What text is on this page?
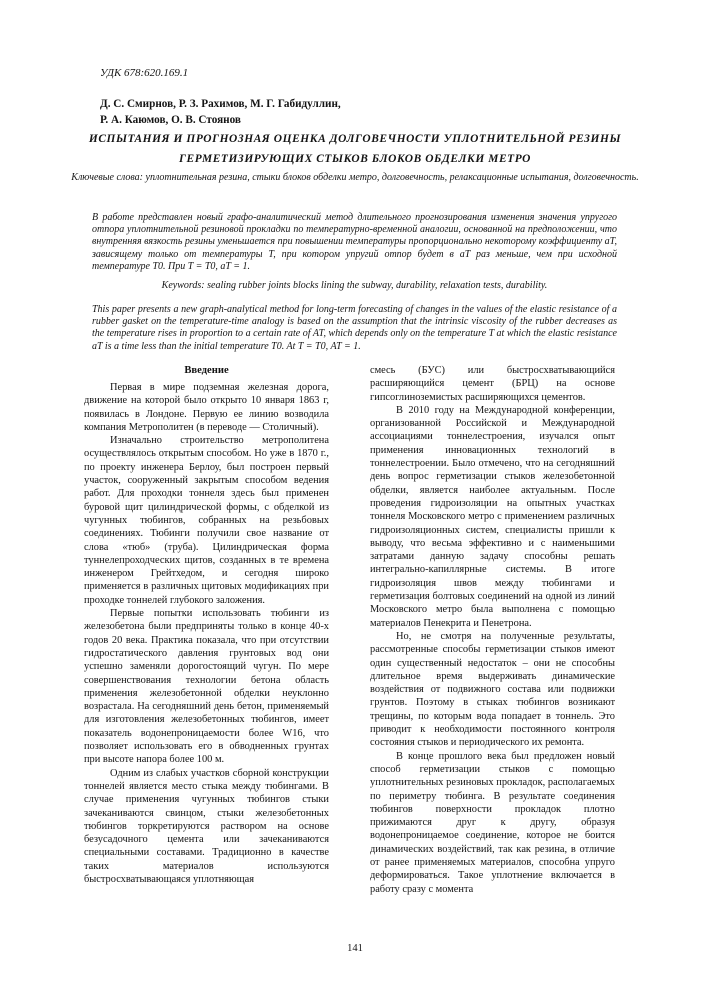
УДК 678:620.169.1
Д. С. Смирнов, Р. З. Рахимов, М. Г. Габидуллин,
Р. А. Каюмов, О. В. Стоянов
ИСПЫТАНИЯ И ПРОГНОЗНАЯ ОЦЕНКА ДОЛГОВЕЧНОСТИ УПЛОТНИТЕЛЬНОЙ РЕЗИНЫ ГЕРМЕТИЗИРУЮЩИХ СТЫКОВ БЛОКОВ ОБДЕЛКИ МЕТРО
Ключевые слова: уплотнительная резина, стыки блоков обделки метро, долговечность, релаксационные испытания, долговечность.
В работе представлен новый графо-аналитический метод длительного прогнозирования изменения значения упругого отпора уплотнительной резиновой прокладки по температурно-временной аналогии, основанной на предположении, что внутренняя вязкость резины уменьшается при повышении температуры пропорционально некоторому коэффициенту aT, зависящему только от температуры T, при котором упругий отпор будет в aT раз меньше, чем при исходной температуре T0. При T = T0, aT = 1.
Keywords: sealing rubber joints blocks lining the subway, durability, relaxation tests, durability.
This paper presents a new graph-analytical method for long-term forecasting of changes in the values of the elastic resistance of a rubber gasket on the temperature-time analogy is based on the assumption that the intrinsic viscosity of the rubber decreases as the temperature rises in proportion to a certain rate of AT, which depends only on the temperature T at which the elastic resistance aT is a time less than the initial temperature T0. At T = T0, AT = 1.
Введение

Первая в мире подземная железная дорога, движение на которой было открыто 10 января 1863 г, появилась в Лондоне. Первую ее линию возводила компания Метрополитен (в переводе — Столичный).

Изначально строительство метрополитена осуществлялось открытым способом. Но уже в 1870 г., по проекту инженера Берлоу, был построен первый участок, сооруженный закрытым способом ведения работ. Для проходки тоннеля здесь был применен буровой щит цилиндрической формы, с обделкой из чугунных тюбингов, собранных на резьбовых соединениях. Тюбинги получили свое название от слова «тюб» (труба). Цилиндрическая форма туннелепроходческих щитов, созданных в те времена инженером Грейтхедом, и сегодня широко применяется в различных щитовых модификациях при проходке тоннелей глубокого заложения.

Первые попытки использовать тюбинги из железобетона были предприняты только в конце 40-х годов 20 века. Практика показала, что при отсутствии гидростатического давления грунтовых вод они успешно заменяли дорогостоящий чугун. По мере совершенствования технологии бетона область применения железобетонной обделки неуклонно возрастала. На сегодняшний день бетон, применяемый для изготовления железобетонных тюбингов, имеет показатель водонепроницаемости более W16, что позволяет использовать его в обводненных грунтах при высоте напора более 100 м.

Одним из слабых участков сборной конструкции тоннелей является место стыка между тюбингами. В случае применения чугунных тюбингов стыки зачеканиваются свинцом, стыки железобетонных тюбингов торкретируются раствором на основе безусадочного цемента или зачеканиваются специальными составами. Традиционно в качестве таких материалов используются быстросхватывающаяся уплотняющая

смесь (БУС) или быстросхватывающийся расширяющийся цемент (БРЦ) на основе гипсоглиноземистых расширяющихся цементов.

В 2010 году на Международной конференции, организованной Российской и Международной ассоциациями тоннелестроения, изучался опыт применения инновационных технологий в тоннелестроении. Было отмечено, что на сегодняшний день вопрос герметизации стыков железобетонной обделки, является наиболее актуальным. После проведения гидроизоляции на опытных участках тоннеля Московского метро с применением различных гидроизоляционных систем, специалисты пришли к выводу, что весьма эффективно и с наименьшими затратами данную задачу способны решать интегрально-капиллярные системы. В итоге гидроизоляция швов между тюбингами и герметизация болтовых соединений на одной из линий Московского метро была выполнена с помощью материалов Пенекрита и Пенетрона.

Но, не смотря на полученные результаты, рассмотренные способы герметизации стыков имеют один существенный недостаток – они не способны длительное время выдерживать динамические воздействия от подвижного состава или подвижки грунтов. Поэтому в стыках тюбингов возникают трещины, по которым вода попадает в тоннель. Это приводит к необходимости постоянного контроля состояния стыков и периодического их ремонта.

В конце прошлого века был предложен новый способ герметизации стыков с помощью уплотнительных резиновых прокладок, располагаемых по периметру тюбинга. В результате соединения тюбингов поверхности прокладок плотно прижимаются друг к другу, образуя водонепроницаемое соединение, которое не боится динамических воздействий, так как резина, в отличие от ранее применяемых материалов, способна упруго деформироваться. Такое уплотнение включается в работу сразу с момента

141
